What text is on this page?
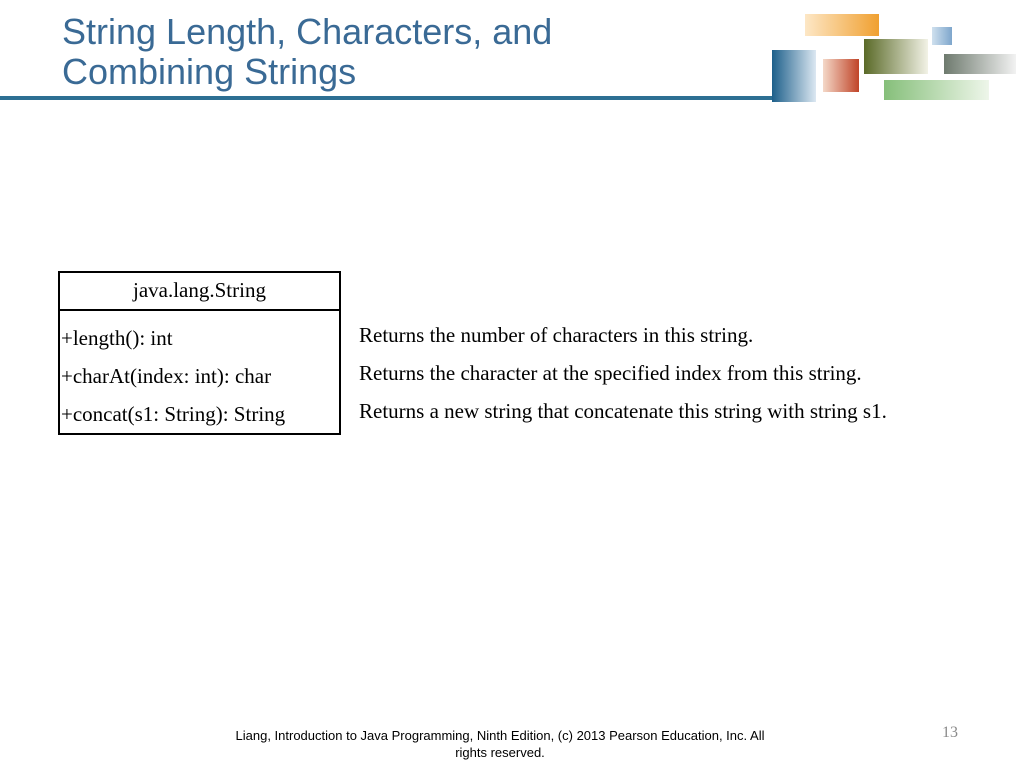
String Length, Characters, and
Combining Strings
java.lang.String
+length(): int
+charAt(index: int): char
+concat(s1: String): String
Returns the number of characters in this string.
Returns the character at the specified index from this string.
Returns a new string that concatenate this string with string s1.
Liang, Introduction to Java Programming, Ninth Edition, (c) 2013 Pearson Education, Inc. All
rights reserved.
13
